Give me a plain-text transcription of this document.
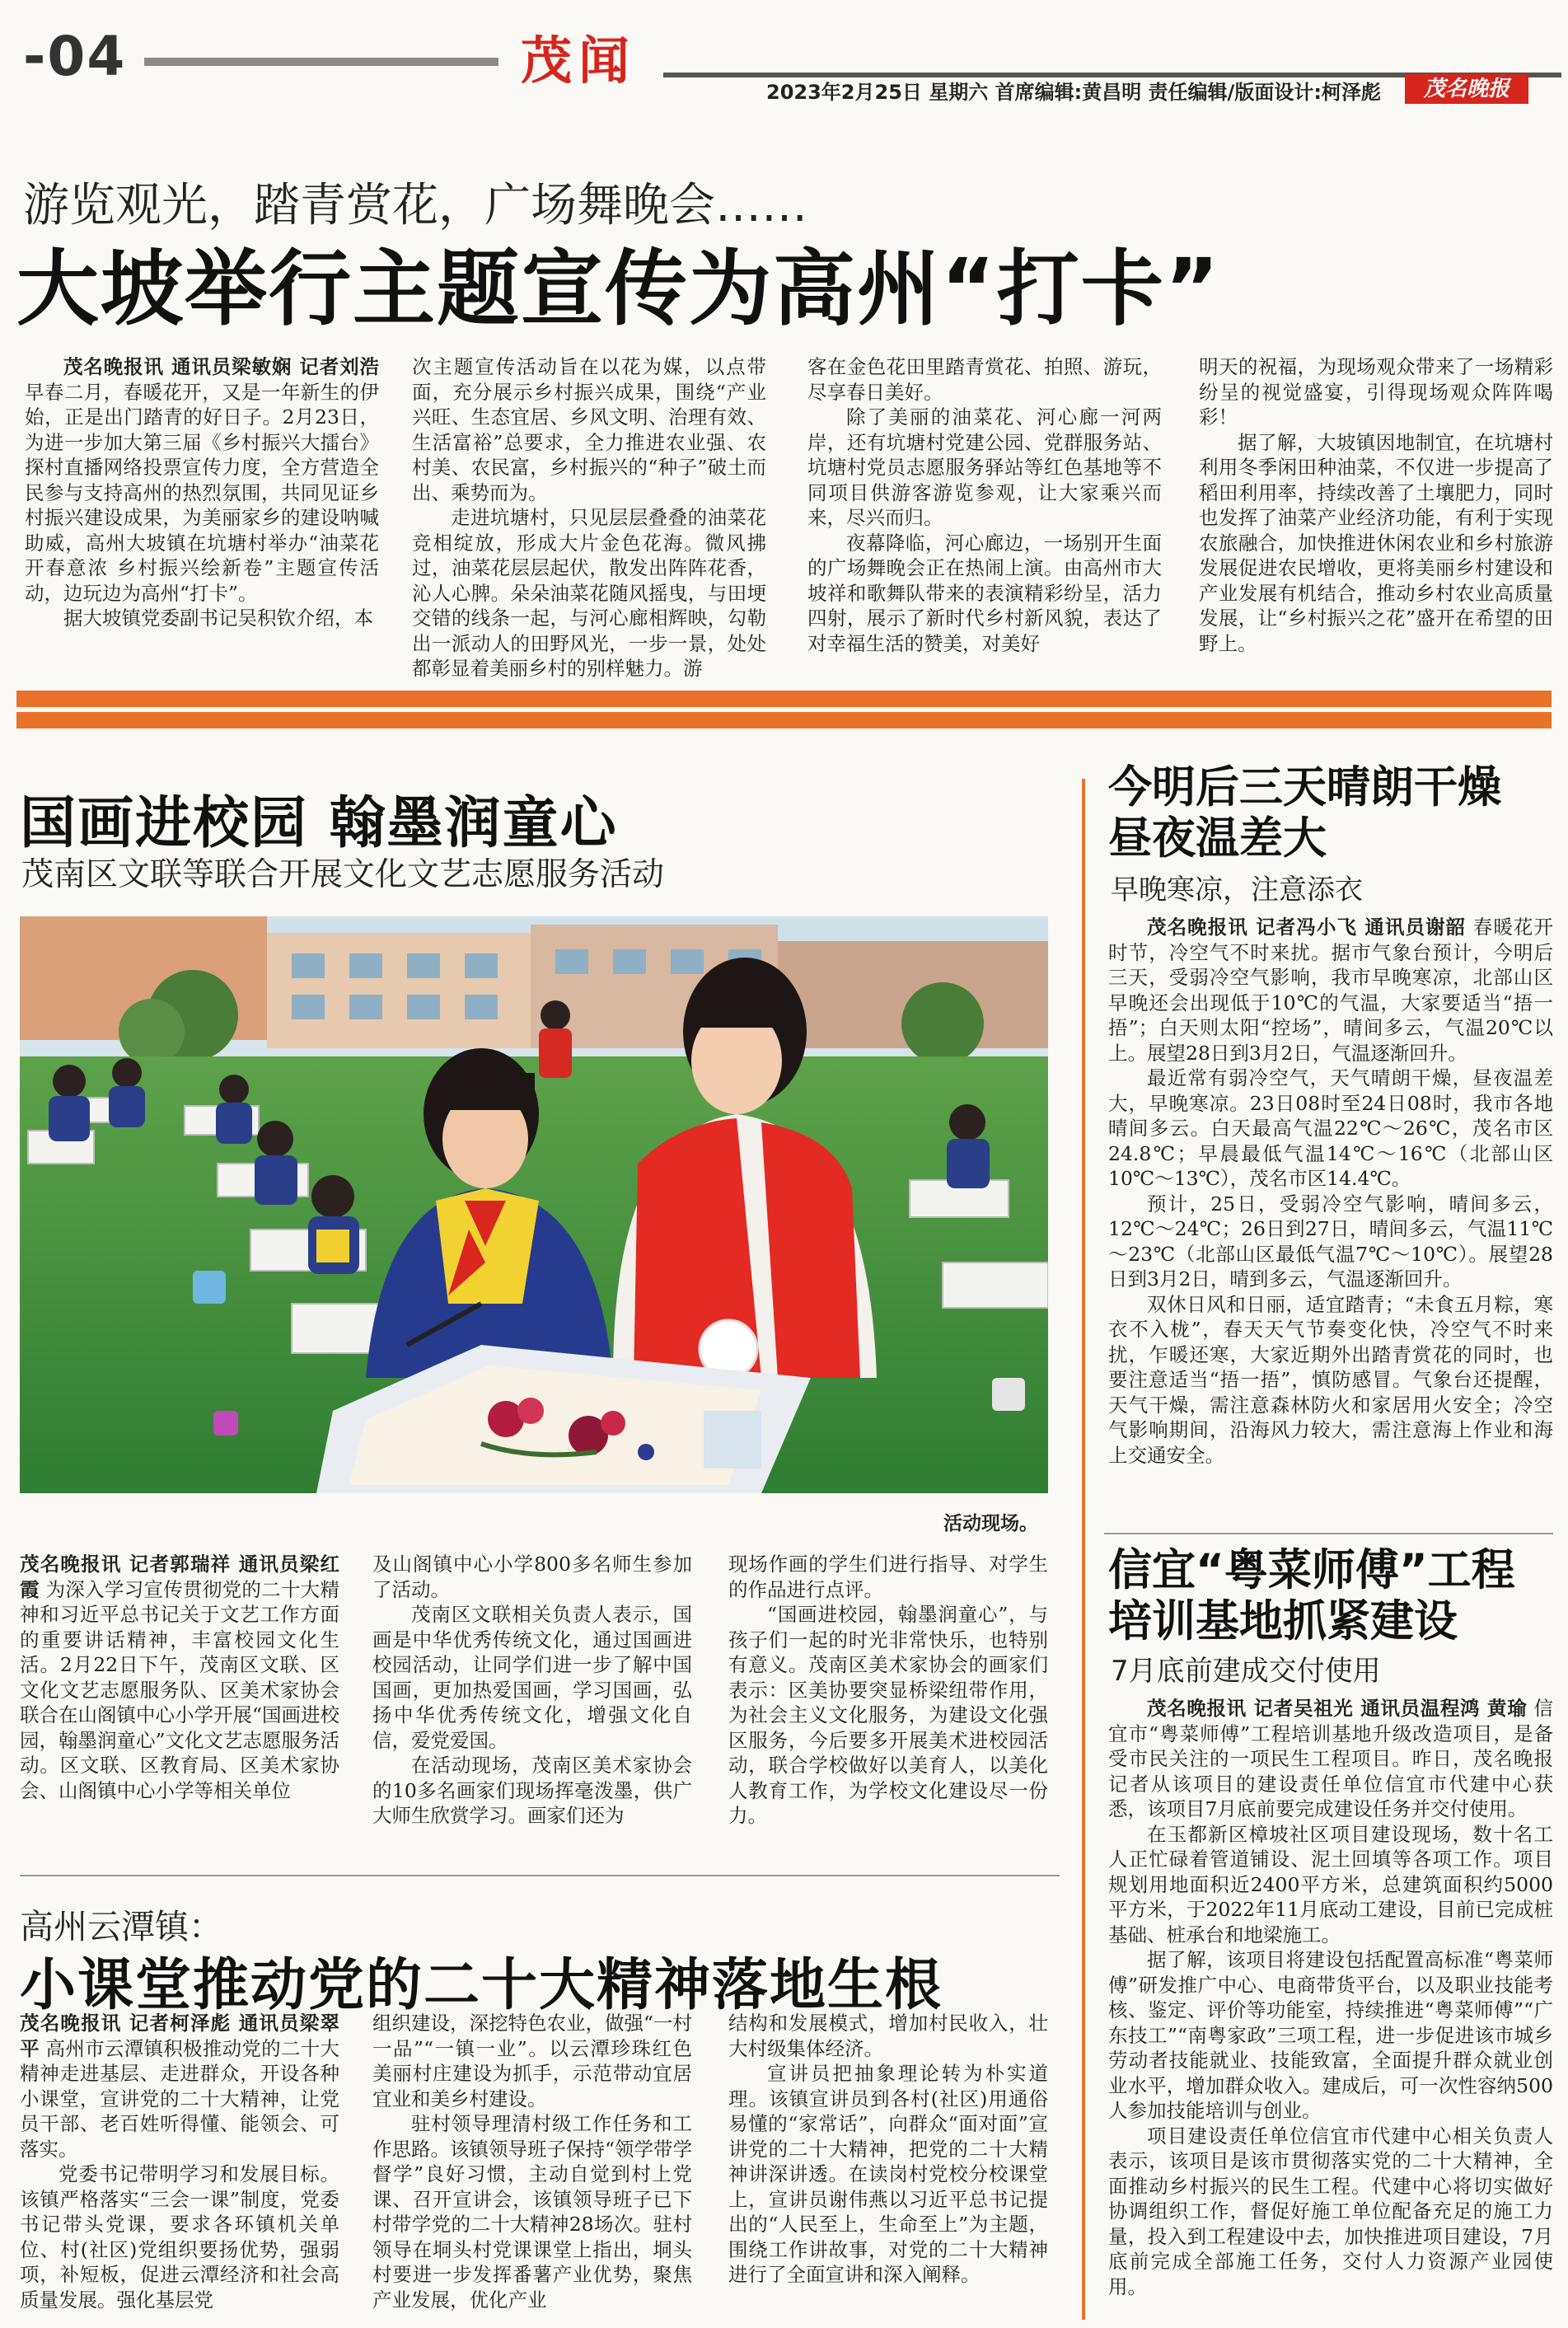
-04	茂闻
2023年2月25日 星期六 首席编辑:黄昌明 责任编辑/版面设计:柯泽彪	茂名晚报
游览观光，踏青赏花，广场舞晚会……
大坡举行主题宣传为高州“打卡”

茂名晚报讯 通讯员梁敏娴 记者刘浩 早春二月，春暖花开，又是一年新生的伊始，正是出门踏青的好日子。2月23日，为进一步加大第三届《乡村振兴大擂台》探村直播网络投票宣传力度，全方营造全民参与支持高州的热烈氛围，共同见证乡村振兴建设成果，为美丽家乡的建设呐喊助威，高州大坡镇在坑塘村举办“油菜花开春意浓 乡村振兴绘新卷”主题宣传活动，边玩边为高州“打卡”。

据大坡镇党委副书记吴积钦介绍，本

次主题宣传活动旨在以花为媒，以点带面，充分展示乡村振兴成果，围绕“产业兴旺、生态宜居、乡风文明、治理有效、生活富裕”总要求，全力推进农业强、农村美、农民富，乡村振兴的“种子”破土而出、乘势而为。

走进坑塘村，只见层层叠叠的油菜花竞相绽放，形成大片金色花海。微风拂过，油菜花层层起伏，散发出阵阵花香，沁人心脾。朵朵油菜花随风摇曳，与田埂交错的线条一起，与河心廊相辉映，勾勒出一派动人的田野风光，一步一景，处处都彰显着美丽乡村的别样魅力。游

客在金色花田里踏青赏花、拍照、游玩，尽享春日美好。

除了美丽的油菜花、河心廊一河两岸，还有坑塘村党建公园、党群服务站、坑塘村党员志愿服务驿站等红色基地等不同项目供游客游览参观，让大家乘兴而来，尽兴而归。

夜幕降临，河心廊边，一场别开生面的广场舞晚会正在热闹上演。由高州市大坡祥和歌舞队带来的表演精彩纷呈，活力四射，展示了新时代乡村新风貌，表达了对幸福生活的赞美，对美好

明天的祝福，为现场观众带来了一场精彩纷呈的视觉盛宴，引得现场观众阵阵喝彩！

据了解，大坡镇因地制宜，在坑塘村利用冬季闲田种油菜，不仅进一步提高了稻田利用率，持续改善了土壤肥力，同时也发挥了油菜产业经济功能，有利于实现农旅融合，加快推进休闲农业和乡村旅游发展促进农民增收，更将美丽乡村建设和产业发展有机结合，推动乡村农业高质量发展，让“乡村振兴之花”盛开在希望的田野上。

国画进校园 翰墨润童心
茂南区文联等联合开展文化文艺志愿服务活动
活动现场。

茂名晚报讯 记者郭瑞祥 通讯员梁红霞 为深入学习宣传贯彻党的二十大精神和习近平总书记关于文艺工作方面的重要讲话精神，丰富校园文化生活。2月22日下午，茂南区文联、区文化文艺志愿服务队、区美术家协会联合在山阁镇中心小学开展“国画进校园，翰墨润童心”文化文艺志愿服务活动。区文联、区教育局、区美术家协会、山阁镇中心小学等相关单位

及山阁镇中心小学800多名师生参加了活动。

茂南区文联相关负责人表示，国画是中华优秀传统文化，通过国画进校园活动，让同学们进一步了解中国国画，更加热爱国画，学习国画，弘扬中华优秀传统文化，增强文化自信，爱党爱国。

在活动现场，茂南区美术家协会的10多名画家们现场挥毫泼墨，供广大师生欣赏学习。画家们还为

现场作画的学生们进行指导、对学生的作品进行点评。

“国画进校园，翰墨润童心”，与孩子们一起的时光非常快乐，也特别有意义。茂南区美术家协会的画家们表示：区美协要突显桥梁纽带作用，为社会主义文化服务，为建设文化强区服务，今后要多开展美术进校园活动，联合学校做好以美育人，以美化人教育工作，为学校文化建设尽一份力。

高州云潭镇：
小课堂推动党的二十大精神落地生根

茂名晚报讯 记者柯泽彪 通讯员梁翠平 高州市云潭镇积极推动党的二十大精神走进基层、走进群众，开设各种小课堂，宣讲党的二十大精神，让党员干部、老百姓听得懂、能领会、可落实。

党委书记带明学习和发展目标。该镇严格落实“三会一课”制度，党委书记带头党课，要求各环镇机关单位、村(社区)党组织要扬优势，强弱项，补短板，促进云潭经济和社会高质量发展。强化基层党

组织建设，深挖特色农业，做强“一村一品”“一镇一业”。以云潭珍珠红色美丽村庄建设为抓手，示范带动宜居宜业和美乡村建设。

驻村领导理清村级工作任务和工作思路。该镇领导班子保持“领学带学督学”良好习惯，主动自觉到村上党课、召开宣讲会，该镇领导班子已下村带学党的二十大精神28场次。驻村领导在垌头村党课课堂上指出，垌头村要进一步发挥番薯产业优势，聚焦产业发展，优化产业

结构和发展模式，增加村民收入，壮大村级集体经济。

宣讲员把抽象理论转为朴实道理。该镇宣讲员到各村(社区)用通俗易懂的“家常话”，向群众“面对面”宣讲党的二十大精神，把党的二十大精神讲深讲透。在读岗村党校分校课堂上，宣讲员谢伟燕以习近平总书记提出的“人民至上，生命至上”为主题，围绕工作讲故事，对党的二十大精神进行了全面宣讲和深入阐释。

今明后三天晴朗干燥
昼夜温差大
早晚寒凉，注意添衣

茂名晚报讯 记者冯小飞 通讯员谢韶 春暖花开时节，冷空气不时来扰。据市气象台预计，今明后三天，受弱冷空气影响，我市早晚寒凉，北部山区早晚还会出现低于10℃的气温，大家要适当“捂一捂”；白天则太阳“控场”，晴间多云，气温20℃以上。展望28日到3月2日，气温逐渐回升。

最近常有弱冷空气，天气晴朗干燥，昼夜温差大，早晚寒凉。23日08时至24日08时，我市各地晴间多云。白天最高气温22℃～26℃，茂名市区24.8℃；早晨最低气温14℃～16℃（北部山区10℃～13℃），茂名市区14.4℃。

预计，25日，受弱冷空气影响，晴间多云，12℃～24℃；26日到27日，晴间多云，气温11℃～23℃（北部山区最低气温7℃～10℃）。展望28日到3月2日，晴到多云，气温逐渐回升。

双休日风和日丽，适宜踏青；“未食五月粽，寒衣不入栊”，春天天气节奏变化快，冷空气不时来扰，乍暖还寒，大家近期外出踏青赏花的同时，也要注意适当“捂一捂”，慎防感冒。气象台还提醒，天气干燥，需注意森林防火和家居用火安全；冷空气影响期间，沿海风力较大，需注意海上作业和海上交通安全。

信宜“粤菜师傅”工程
培训基地抓紧建设
7月底前建成交付使用

茂名晚报讯 记者吴祖光 通讯员温程鸿 黄瑜 信宜市“粤菜师傅”工程培训基地升级改造项目，是备受市民关注的一项民生工程项目。昨日，茂名晚报记者从该项目的建设责任单位信宜市代建中心获悉，该项目7月底前要完成建设任务并交付使用。

在玉都新区樟坡社区项目建设现场，数十名工人正忙碌着管道铺设、泥土回填等各项工作。项目规划用地面积近2400平方米，总建筑面积约5000平方米，于2022年11月底动工建设，目前已完成桩基础、桩承台和地梁施工。

据了解，该项目将建设包括配置高标准“粤菜师傅”研发推广中心、电商带货平台，以及职业技能考核、鉴定、评价等功能室，持续推进“粤菜师傅”“广东技工”“南粤家政”三项工程，进一步促进该市城乡劳动者技能就业、技能致富，全面提升群众就业创业水平，增加群众收入。建成后，可一次性容纳500人参加技能培训与创业。

项目建设责任单位信宜市代建中心相关负责人表示，该项目是该市贯彻落实党的二十大精神，全面推动乡村振兴的民生工程。代建中心将切实做好协调组织工作，督促好施工单位配备充足的施工力量，投入到工程建设中去，加快推进项目建设，7月底前完成全部施工任务，交付人力资源产业园使用。
